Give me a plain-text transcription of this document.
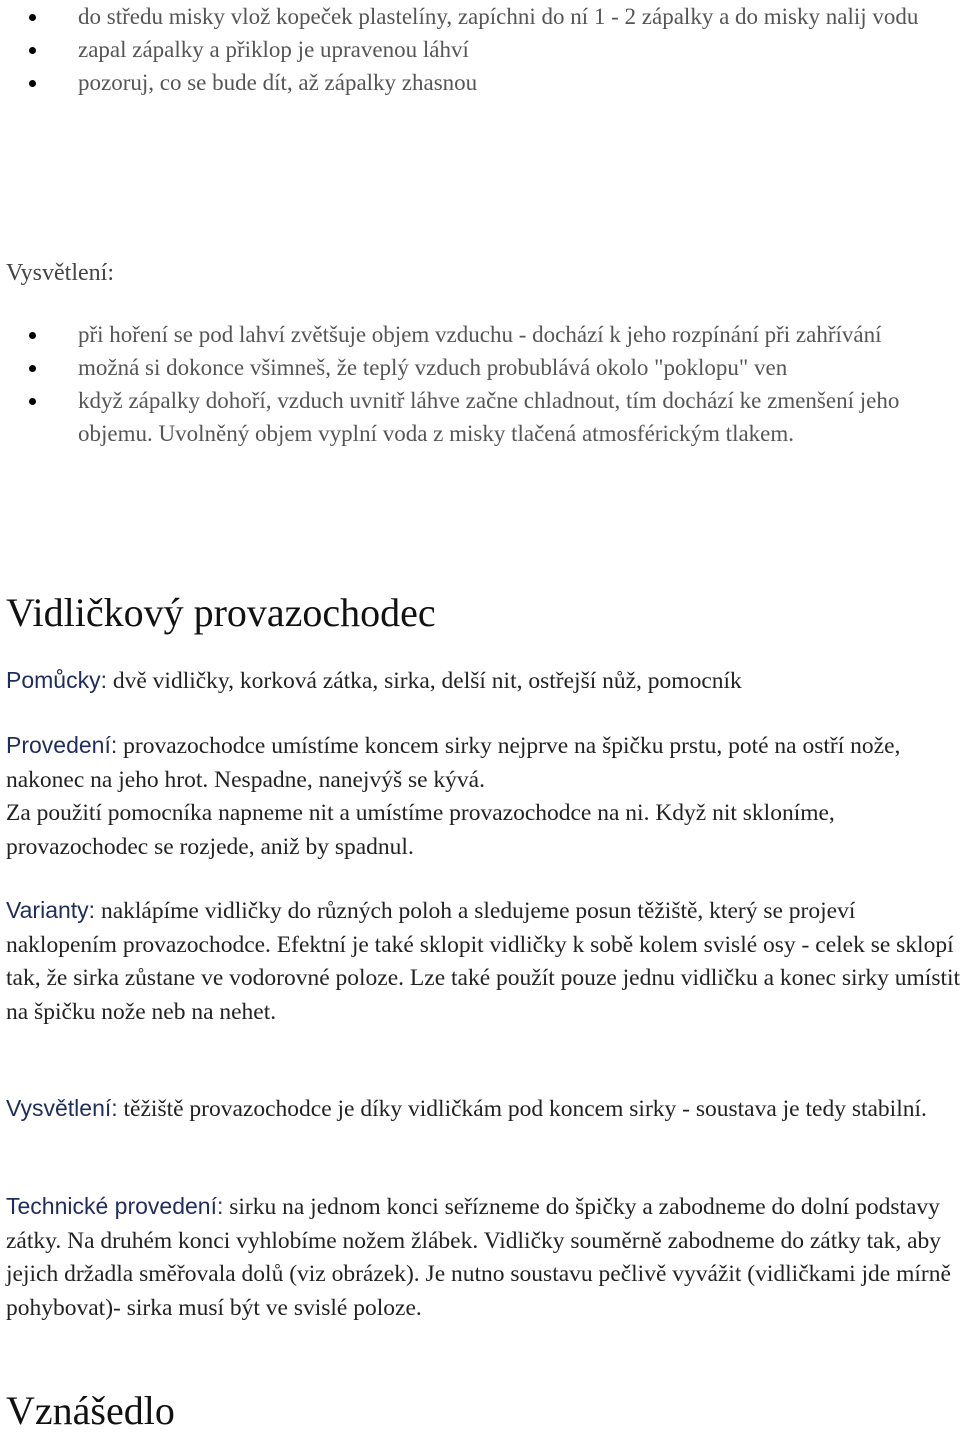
do středu misky vlož kopeček plastelíny, zapíchni do ní 1 - 2 zápalky a do misky nalij vodu
zapal zápalky a přiklop je upravenou láhví
pozoruj, co se bude dít, až zápalky zhasnou
Vysvětlení:
při hoření se pod lahví zvětšuje objem vzduchu - dochází k jeho rozpínání při zahřívání
možná si dokonce všimneš, že teplý vzduch probublává okolo "poklopu" ven
když zápalky dohoří, vzduch uvnitř láhve začne chladnout, tím dochází ke zmenšení jeho objemu. Uvolněný objem vyplní voda z misky tlačená atmosférickým tlakem.
Vidličkový provazochodec

Pomůcky: dvě vidličky, korková zátka, sirka, delší nit, ostřejší nůž, pomocník

Provedení: provazochodce umístíme koncem sirky nejprve na špičku prstu, poté na ostří nože, nakonec na jeho hrot. Nespadne, nanejvýš se kývá.
Za použití pomocníka napneme nit a umístíme provazochodce na ni. Když nit skloníme, provazochodec se rozjede, aniž by spadnul.

Varianty: naklápíme vidličky do různých poloh a sledujeme posun těžiště, který se projeví naklopením provazochodce. Efektní je také sklopit vidličky k sobě kolem svislé osy - celek se sklopí tak, že sirka zůstane ve vodorovné poloze. Lze také použít pouze jednu vidličku a konec sirky umístit na špičku nože neb na nehet.

Vysvětlení: těžiště provazochodce je díky vidličkám pod koncem sirky - soustava je tedy stabilní.

Technické provedení: sirku na jednom konci seřízneme do špičky a zabodneme do dolní podstavy zátky. Na druhém konci vyhlobíme nožem žlábek. Vidličky souměrně zabodneme do zátky tak, aby jejich držadla směřovala dolů (viz obrázek). Je nutno soustavu pečlivě vyvážit (vidličkami jde mírně pohybovat)- sirka musí být ve svislé poloze.

Vznášedlo
